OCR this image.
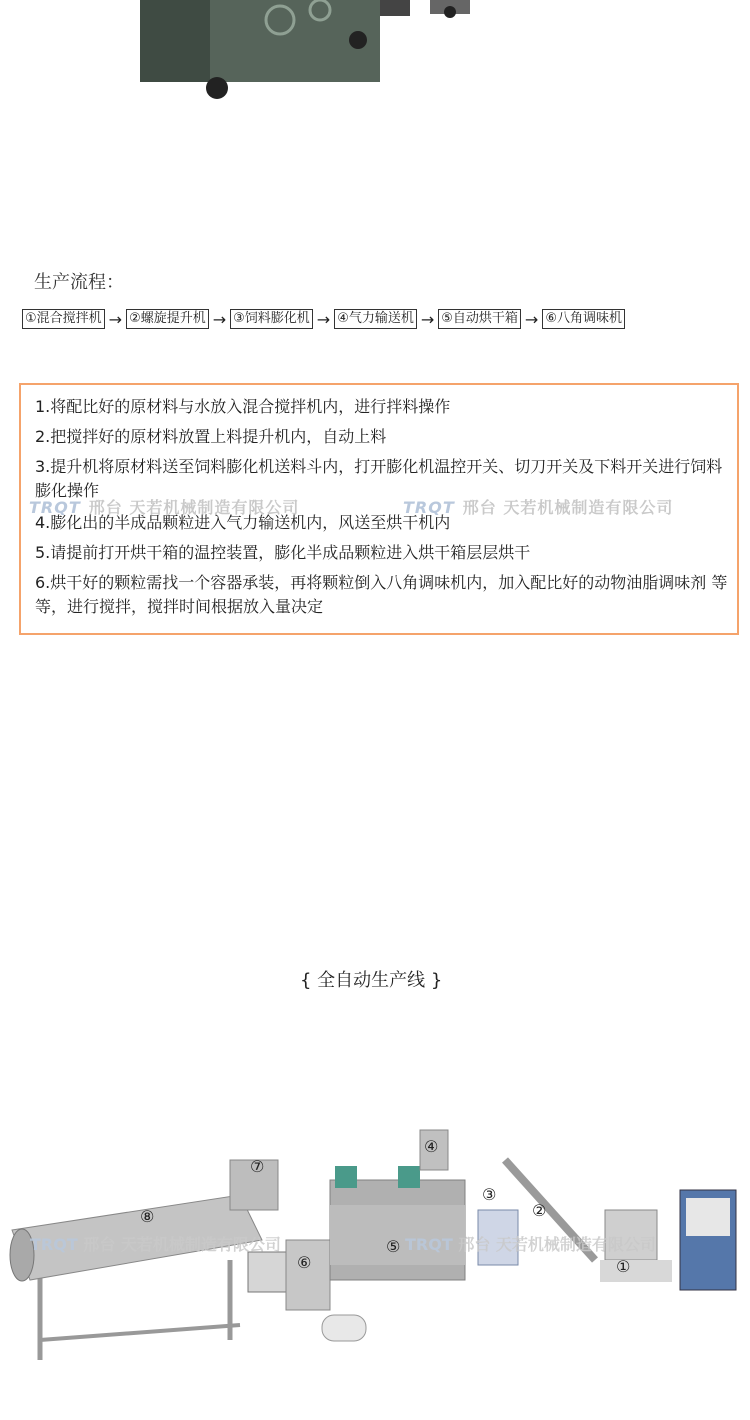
生产流程：
①混合搅拌机 → ②螺旋提升机 → ③饲料膨化机 → ④气力输送机 → ⑤自动烘干箱 → ⑥八角调味机
1.将配比好的原材料与水放入混合搅拌机内，进行拌料操作
2.把搅拌好的原材料放置上料提升机内，自动上料
3.提升机将原材料送至饲料膨化机送料斗内，打开膨化机温控开关、切刀开关及下料开关进行饲料膨化操作
4.膨化出的半成品颗粒进入气力输送机内，风送至烘干机内
5.请提前打开烘干箱的温控装置，膨化半成品颗粒进入烘干箱层层烘干
6.烘干好的颗粒需找一个容器承装，再将颗粒倒入八角调味机内，加入配比好的动物油脂调味剂 等等，进行搅拌，搅拌时间根据放入量决定
TRQT 邢台 天若机械制造有限公司	TRQT 邢台 天若机械制造有限公司
{ 全自动生产线 }
①
②
③
④
⑤
⑥
⑦
⑧
TRQT 邢台 天若机械制造有限公司	TRQT 邢台 天若机械制造有限公司
